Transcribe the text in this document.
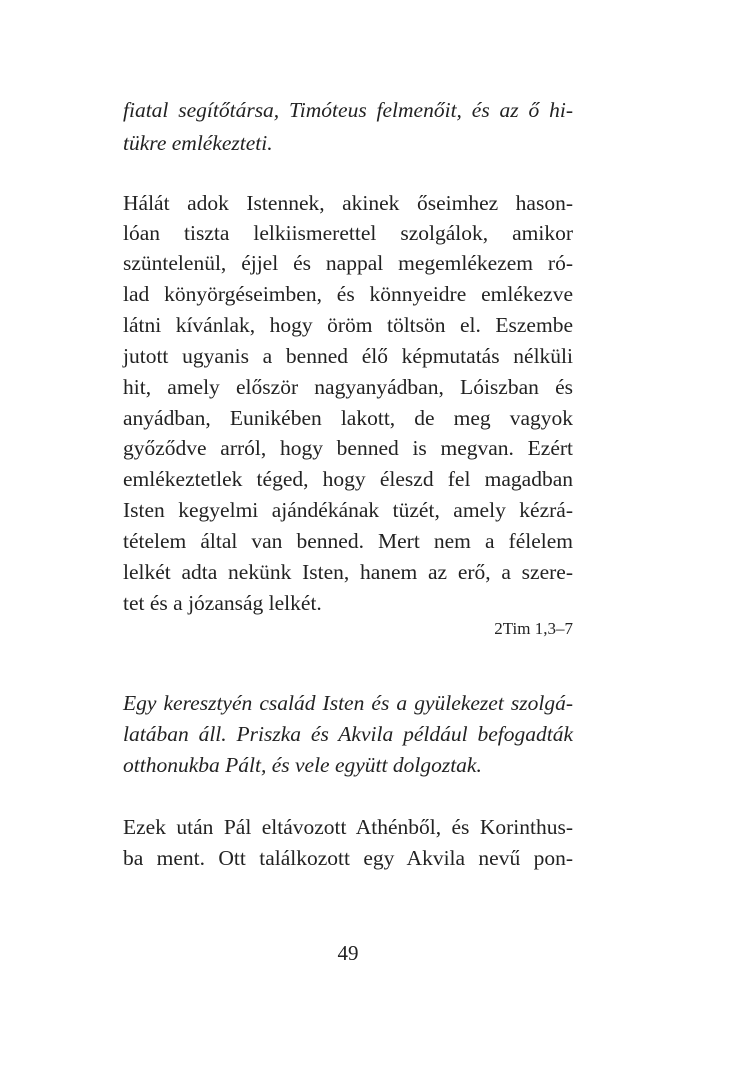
fiatal segítőtársa, Timóteus felmenőit, és az ő hi-
tükre emlékezteti.
Hálát adok Istennek, akinek őseimhez hason-
lóan tiszta lelkiismerettel szolgálok, amikor
szüntelenül, éjjel és nappal megemlékezem ró-
lad könyörgéseimben, és könnyeidre emlékezve
látni kívánlak, hogy öröm töltsön el. Eszembe
jutott ugyanis a benned élő képmutatás nélküli
hit, amely először nagyanyádban, Lóiszban és
anyádban, Eunikében lakott, de meg vagyok
győződve arról, hogy benned is megvan. Ezért
emlékeztetlek téged, hogy éleszd fel magadban
Isten kegyelmi ajándékának tüzét, amely kézrá-
tételem által van benned. Mert nem a félelem
lelkét adta nekünk Isten, hanem az erő, a szere-
tet és a józanság lelkét.
2Tim 1,3–7
Egy keresztyén család Isten és a gyülekezet szolgá-
latában áll. Priszka és Akvila például befogadták
otthonukba Pált, és vele együtt dolgoztak.
Ezek után Pál eltávozott Athénből, és Korinthus-
ba ment. Ott találkozott egy Akvila nevű pon-
49
